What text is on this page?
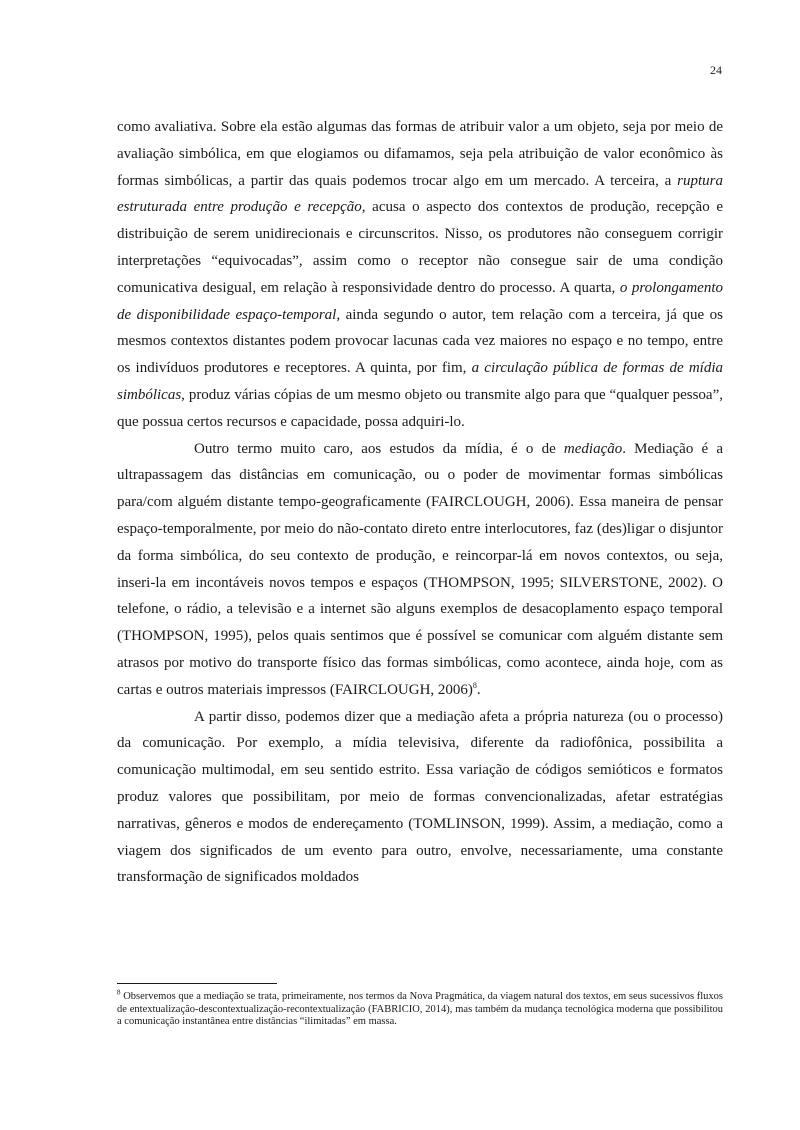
24

como avaliativa. Sobre ela estão algumas das formas de atribuir valor a um objeto, seja por meio de avaliação simbólica, em que elogiamos ou difamamos, seja pela atribuição de valor econômico às formas simbólicas, a partir das quais podemos trocar algo em um mercado. A terceira, a ruptura estruturada entre produção e recepção, acusa o aspecto dos contextos de produção, recepção e distribuição de serem unidirecionais e circunscritos. Nisso, os produtores não conseguem corrigir interpretações “equivocadas”, assim como o receptor não consegue sair de uma condição comunicativa desigual, em relação à responsividade dentro do processo. A quarta, o prolongamento de disponibilidade espaço-temporal, ainda segundo o autor, tem relação com a terceira, já que os mesmos contextos distantes podem provocar lacunas cada vez maiores no espaço e no tempo, entre os indivíduos produtores e receptores. A quinta, por fim, a circulação pública de formas de mídia simbólicas, produz várias cópias de um mesmo objeto ou transmite algo para que “qualquer pessoa”, que possua certos recursos e capacidade, possa adquiri-lo.

Outro termo muito caro, aos estudos da mídia, é o de mediação. Mediação é a ultrapassagem das distâncias em comunicação, ou o poder de movimentar formas simbólicas para/com alguém distante tempo-geograficamente (FAIRCLOUGH, 2006). Essa maneira de pensar espaço-temporalmente, por meio do não-contato direto entre interlocutores, faz (des)ligar o disjuntor da forma simbólica, do seu contexto de produção, e reincorpar-lá em novos contextos, ou seja, inseri-la em incontáveis novos tempos e espaços (THOMPSON, 1995; SILVERSTONE, 2002). O telefone, o rádio, a televisão e a internet são alguns exemplos de desacoplamento espaço temporal (THOMPSON, 1995), pelos quais sentimos que é possível se comunicar com alguém distante sem atrasos por motivo do transporte físico das formas simbólicas, como acontece, ainda hoje, com as cartas e outros materiais impressos (FAIRCLOUGH, 2006)$^8$.

A partir disso, podemos dizer que a mediação afeta a própria natureza (ou o processo) da comunicação. Por exemplo, a mídia televisiva, diferente da radiofônica, possibilita a comunicação multimodal, em seu sentido estrito. Essa variação de códigos semióticos e formatos produz valores que possibilitam, por meio de formas convencionalizadas, afetar estratégias narrativas, gêneros e modos de endereçamento (TOMLINSON, 1999). Assim, a mediação, como a viagem dos significados de um evento para outro, envolve, necessariamente, uma constante transformação de significados moldados

$^8$ Observemos que a mediação se trata, primeiramente, nos termos da Nova Pragmática, da viagem natural dos textos, em seus sucessivos fluxos de entextualização-descontextualização-recontextualização (FABRICIO, 2014), mas também da mudança tecnológica moderna que possibilitou a comunicação instantânea entre distâncias “ilimitadas” em massa.
